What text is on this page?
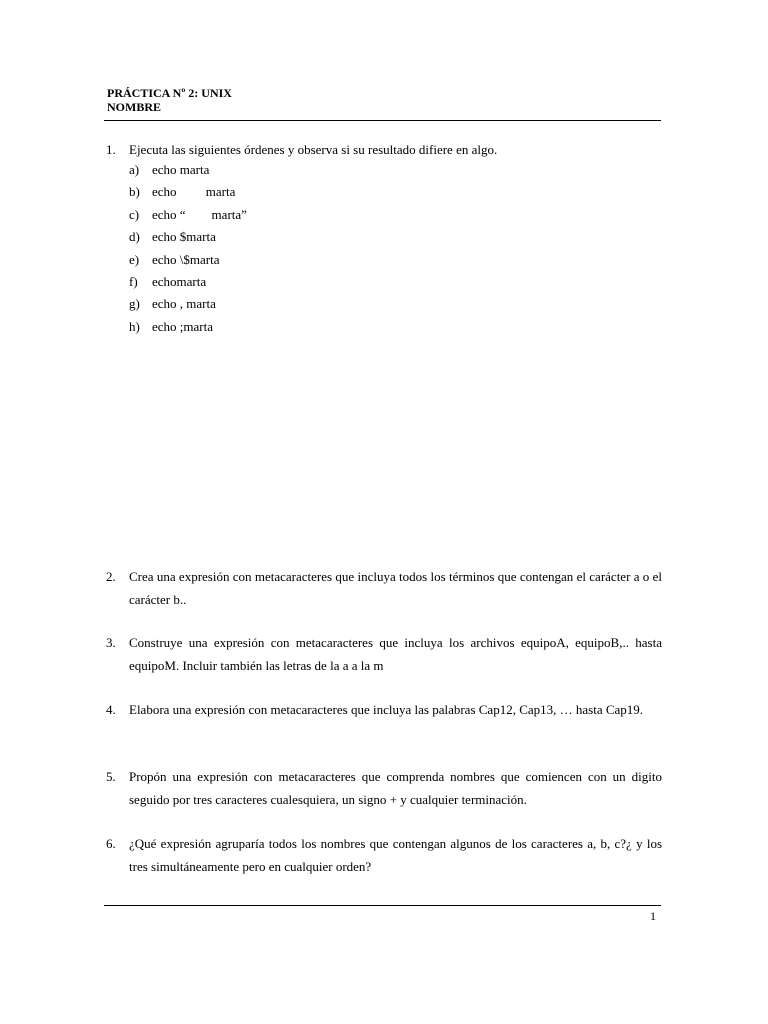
PRÁCTICA Nº 2: UNIX
NOMBRE
1.	Ejecuta las siguientes órdenes y observa si su resultado difiere en algo.
a) echo marta
b) echo         marta
c) echo “        marta”
d) echo $marta
e) echo \$marta
f) echomarta
g) echo , marta
h) echo ;marta
2.	Crea una expresión con metacaracteres que incluya todos los términos que contengan el carácter a o el carácter b..
3.	Construye una expresión con metacaracteres que incluya los archivos equipoA, equipoB,.. hasta equipoM. Incluir también las letras de la a a la m
4.	Elabora una expresión con metacaracteres que incluya las palabras Cap12, Cap13, … hasta Cap19.
5.	Propón una expresión con metacaracteres que comprenda nombres que comiencen con un digito seguido por tres caracteres cualesquiera, un signo + y cualquier terminación.
6.	¿Qué expresión agruparía todos los nombres que contengan algunos de los caracteres a, b, c?¿ y los tres simultáneamente pero en cualquier orden?
1
